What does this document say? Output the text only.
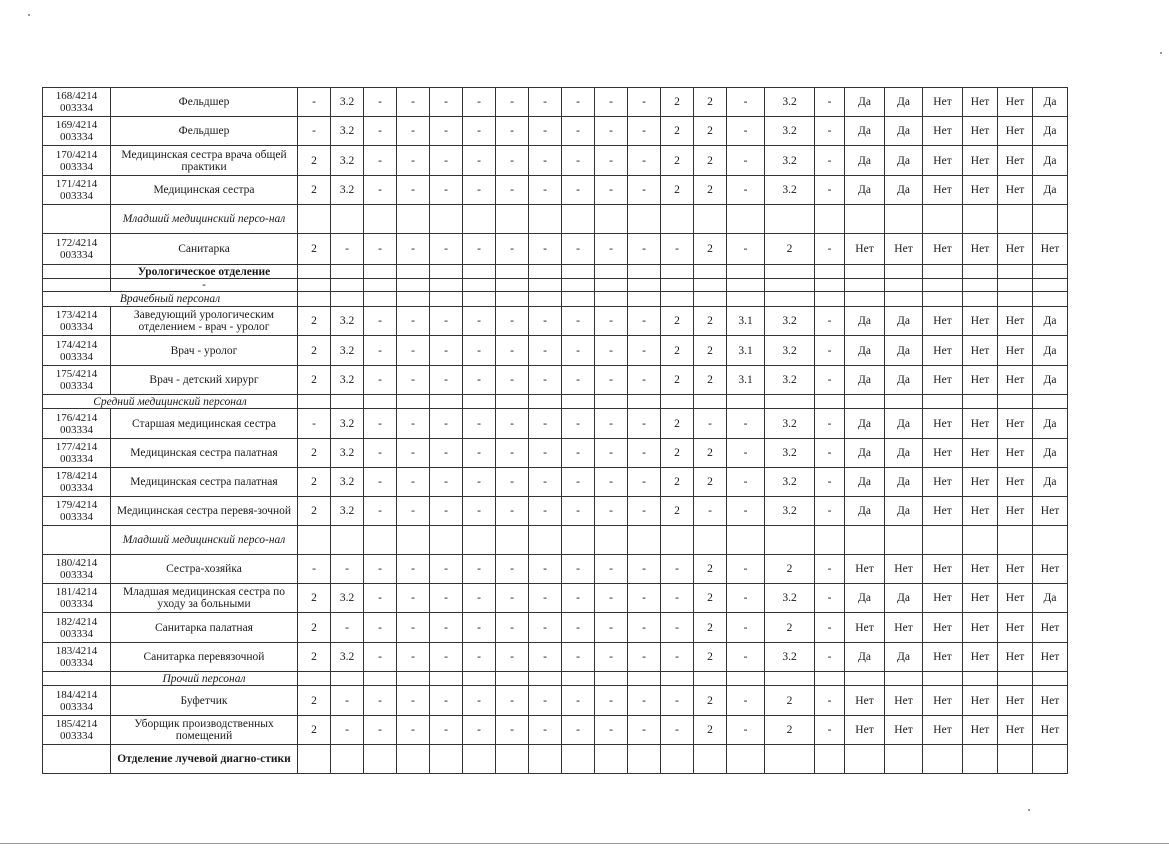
168/4214
003334	Фельдшер	-	3.2	-	-	-	-	-	-	-	-	-	2	2	-	3.2	-	Да	Да	Нет	Нет	Нет	Да
169/4214
003334	Фельдшер	-	3.2	-	-	-	-	-	-	-	-	-	2	2	-	3.2	-	Да	Да	Нет	Нет	Нет	Да
170/4214
003334	Медицинская сестра врача общей практики	2	3.2	-	-	-	-	-	-	-	-	-	2	2	-	3.2	-	Да	Да	Нет	Нет	Нет	Да
171/4214
003334	Медицинская сестра	2	3.2	-	-	-	-	-	-	-	-	-	2	2	-	3.2	-	Да	Да	Нет	Нет	Нет	Да
	Младший медицинский персо-нал																						
172/4214
003334	Санитарка	2	-	-	-	-	-	-	-	-	-	-	-	2	-	2	-	Нет	Нет	Нет	Нет	Нет	Нет
	Урологическое отделение																						
	-																						
Врачебный персонал																							
173/4214
003334	Заведующий урологическим отделением - врач - уролог	2	3.2	-	-	-	-	-	-	-	-	-	2	2	3.1	3.2	-	Да	Да	Нет	Нет	Нет	Да
174/4214
003334	Врач - уролог	2	3.2	-	-	-	-	-	-	-	-	-	2	2	3.1	3.2	-	Да	Да	Нет	Нет	Нет	Да
175/4214
003334	Врач - детский хирург	2	3.2	-	-	-	-	-	-	-	-	-	2	2	3.1	3.2	-	Да	Да	Нет	Нет	Нет	Да
Средний медицинский персонал																							
176/4214
003334	Старшая медицинская сестра	-	3.2	-	-	-	-	-	-	-	-	-	2	-	-	3.2	-	Да	Да	Нет	Нет	Нет	Да
177/4214
003334	Медицинская сестра палатная	2	3.2	-	-	-	-	-	-	-	-	-	2	2	-	3.2	-	Да	Да	Нет	Нет	Нет	Да
178/4214
003334	Медицинская сестра палатная	2	3.2	-	-	-	-	-	-	-	-	-	2	2	-	3.2	-	Да	Да	Нет	Нет	Нет	Да
179/4214
003334	Медицинская сестра перевя-зочной	2	3.2	-	-	-	-	-	-	-	-	-	2	-	-	3.2	-	Да	Да	Нет	Нет	Нет	Нет
	Младший медицинский персо-нал																						
180/4214
003334	Сестра-хозяйка	-	-	-	-	-	-	-	-	-	-	-	-	2	-	2	-	Нет	Нет	Нет	Нет	Нет	Нет
181/4214
003334	Младшая медицинская сестра по уходу за больными	2	3.2	-	-	-	-	-	-	-	-	-	-	2	-	3.2	-	Да	Да	Нет	Нет	Нет	Да
182/4214
003334	Санитарка палатная	2	-	-	-	-	-	-	-	-	-	-	-	2	-	2	-	Нет	Нет	Нет	Нет	Нет	Нет
183/4214
003334	Санитарка перевязочной	2	3.2	-	-	-	-	-	-	-	-	-	-	2	-	3.2	-	Да	Да	Нет	Нет	Нет	Нет
	Прочий персонал																						
184/4214
003334	Буфетчик	2	-	-	-	-	-	-	-	-	-	-	-	2	-	2	-	Нет	Нет	Нет	Нет	Нет	Нет
185/4214
003334	Уборщик производственных помещений	2	-	-	-	-	-	-	-	-	-	-	-	2	-	2	-	Нет	Нет	Нет	Нет	Нет	Нет
	Отделение лучевой диагно-стики																						
